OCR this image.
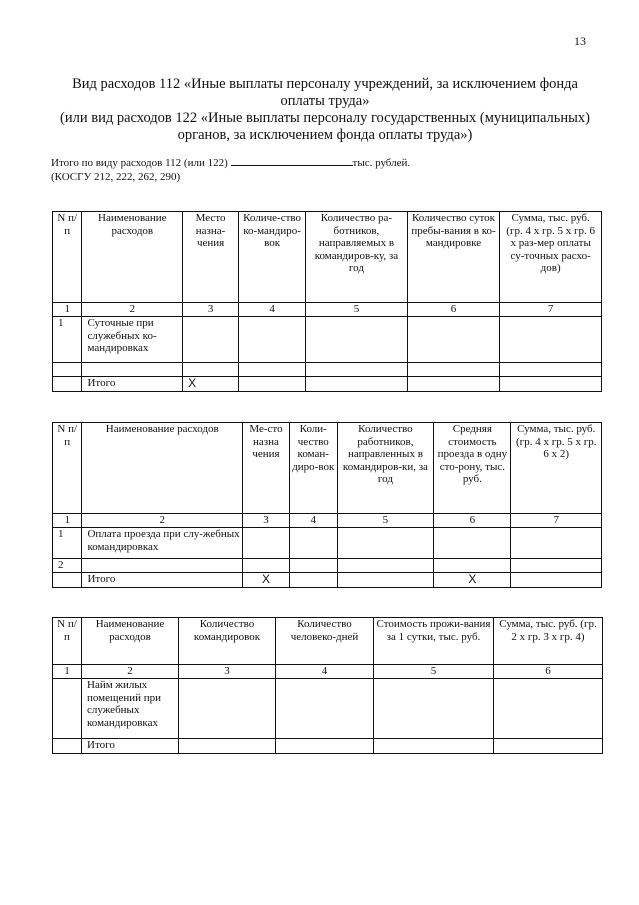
13
Вид расходов 112 «Иные выплаты персоналу учреждений, за исключением фонда
оплаты труда»
(или вид расходов 122 «Иные выплаты персоналу государственных (муниципальных)
органов, за исключением фонда оплаты труда»)
Итого по виду расходов 112 (или 122)	тыс. рублей.
(КОСГУ 212, 222, 262, 290)
N п/п	Наименование расходов	Место назна-чения	Количе-ство ко-мандиро-вок	Количество ра-ботников, направляемых в командиров-ку, за год	Количество суток пребы-вания в ко-мандировке	Сумма, тыс. руб. (гр. 4 x гр. 5 x гр. 6 x раз-мер оплаты су-точных расхо-дов)
1	2	3	4	5	6	7
1	Суточные при служебных ко-мандировках					

	Итого	X				
N п/п	Наименование расходов	Ме-сто назна чения	Коли-чество коман-диро-вок	Количество работников, направленных в командиров-ки, за год	Средняя стоимость проезда в одну сто-рону, тыс. руб.	Сумма, тыс. руб. (гр. 4 x гр. 5 x гр. 6 x 2)
1	2	3	4	5	6	7
1	Оплата проезда при слу-жебных командировках					
2						
	Итого	X			X	
N п/п	Наименование расходов	Количество командировок	Количество человеко-дней	Стоимость прожи-вания за 1 сутки, тыс. руб.	Сумма, тыс. руб. (гр. 2 x гр. 3 x гр. 4)
1	2	3	4	5	6
	Найм жилых помещений при служебных командировках				
	Итого				
